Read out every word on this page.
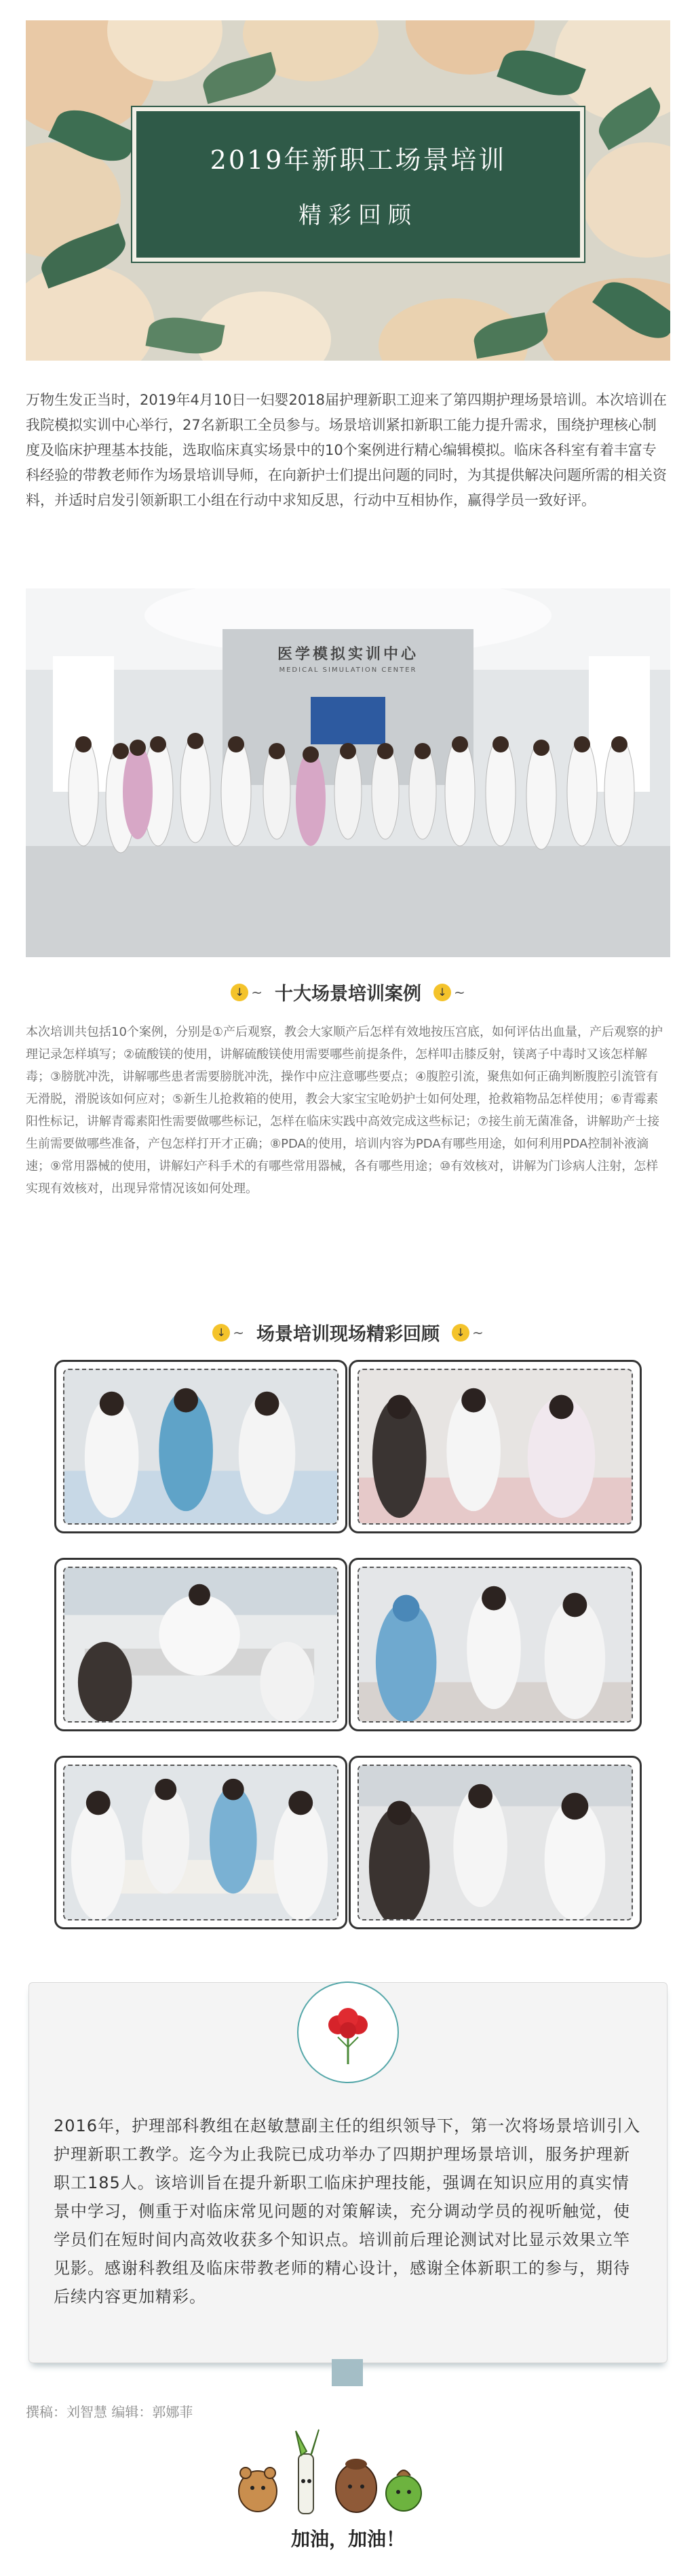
2019年新职工场景培训
精彩回顾
万物生发正当时，2019年4月10日一妇婴2018届护理新职工迎来了第四期护理场景培训。本次培训在我院模拟实训中心举行，27名新职工全员参与。场景培训紧扣新职工能力提升需求，围绕护理核心制度及临床护理基本技能，选取临床真实场景中的10个案例进行精心编辑模拟。临床各科室有着丰富专科经验的带教老师作为场景培训导师，在向新护士们提出问题的同时，为其提供解决问题所需的相关资料，并适时启发引领新职工小组在行动中求知反思，行动中互相协作，赢得学员一致好评。
医学模拟实训中心
MEDICAL SIMULATION CENTER
↓ ~ 十大场景培训案例	↓ ~
本次培训共包括10个案例，分别是①产后观察，教会大家顺产后怎样有效地按压宫底，如何评估出血量，产后观察的护理记录怎样填写；②硫酸镁的使用，讲解硫酸镁使用需要哪些前提条件，怎样叩击膝反射，镁离子中毒时又该怎样解毒；③膀胱冲洗，讲解哪些患者需要膀胱冲洗，操作中应注意哪些要点；④腹腔引流，聚焦如何正确判断腹腔引流管有无滑脱，滑脱该如何应对；⑤新生儿抢救箱的使用，教会大家宝宝呛奶护士如何处理，抢救箱物品怎样使用；⑥青霉素阳性标记，讲解青霉素阳性需要做哪些标记，怎样在临床实践中高效完成这些标记；⑦接生前无菌准备，讲解助产士接生前需要做哪些准备，产包怎样打开才正确；⑧PDA的使用，培训内容为PDA有哪些用途，如何利用PDA控制补液滴速；⑨常用器械的使用，讲解妇产科手术的有哪些常用器械，各有哪些用途；⑩有效核对，讲解为门诊病人注射，怎样实现有效核对，出现异常情况该如何处理。
↓ ~ 场景培训现场精彩回顾	↓ ~
2016年，护理部科教组在赵敏慧副主任的组织领导下，第一次将场景培训引入护理新职工教学。迄今为止我院已成功举办了四期护理场景培训，服务护理新职工185人。该培训旨在提升新职工临床护理技能，强调在知识应用的真实情景中学习，侧重于对临床常见问题的对策解读，充分调动学员的视听触觉，使学员们在短时间内高效收获多个知识点。培训前后理论测试对比显示效果立竿见影。感谢科教组及临床带教老师的精心设计，感谢全体新职工的参与，期待后续内容更加精彩。
撰稿：刘智慧 编辑：郭娜菲
加油，加油！
